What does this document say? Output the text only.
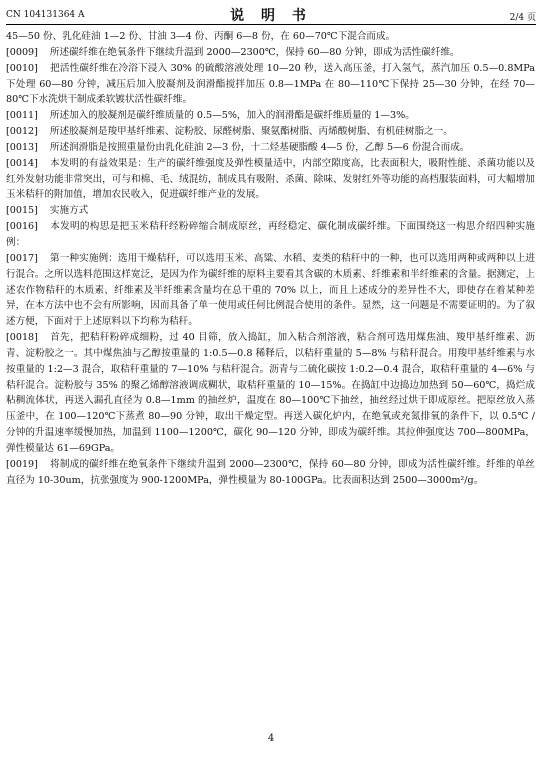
CN 104131364 A	说 明 书	2/4 页

45—50 份、乳化硅油 1—2 份、甘油 3—4 份、丙酮 6—8 份，在 60—70℃下混合而成。

[0009] 所述碳纤维在绝氧条件下继续升温到 2000—2300℃，保持 60—80 分钟，即成为活性碳纤维。

[0010] 把活性碳纤维在冷浴下浸入 30% 的硫酸溶液处理 10—20 秒，送入高压釜，打入氢气，蒸汽加压 0.5—0.8MPa 下处理 60—80 分钟，减压后加入胶凝剂及润滑酯搅拌加压 0.8—1MPa 在 80—110℃下保持 25—30 分钟，在经 70—80℃下水洗烘干制成柔软镀状活性碳纤维。

[0011] 所述加入的胶凝剂是碳纤维质量的 0.5—5%，加入的润滑酯是碳纤维质量的 1—3%。

[0012] 所述胶凝剂是羧甲基纤维素、淀粉胶、尿醛树脂、聚氨酯树脂、丙烯酸树脂、有机硅树脂之一。

[0013] 所述润滑脂是按照重量份由乳化硅油 2—3 份，十二烃基硬脂酸 4—5 份，乙醇 5—6 份混合而成。

[0014] 本发明的有益效果是：生产的碳纤维强度及弹性模量适中，内部空隙度高，比表面积大，吸附性能、杀菌功能以及红外发射功能非常突出，可与和棉、毛、绒混纺，制成具有吸附、杀菌、除味、发射红外等功能的高档服装面料，可大幅增加玉米秸秆的附加值，增加农民收入，促进碳纤维产业的发展。

[0015] 实施方式

[0016] 本发明的构思是把玉米秸秆经粉碎缩合制成原丝，再经稳定、碳化制成碳纤维。下面围绕这一构思介绍四种实施例：

[0017] 第一种实施例：选用干燥秸秆，可以选用玉米、高粱、水稻、麦类的秸秆中的一种，也可以选用两种或两种以上进行混合。之所以选料范围这样宽泛，是因为作为碳纤维的原料主要看其含碳的木质素、纤维素和半纤维素的含量。据测定，上述农作物秸秆的木质素、纤维素及半纤维素含量均在总干重的 70% 以上，而且上述成分的差异性不大，即使存在着某种差异，在本方法中也不会有所影响，因而具备了单一使用或任何比例混合使用的条件。显然，这一问题是不需要证明的。为了叙述方便，下面对于上述原料以下均称为秸秆。

[0018] 首先，把秸秆粉碎成细粉，过 40 目筛，放入捣缸，加入粘合剂溶液，粘合剂可选用煤焦油、羧甲基纤维素、沥青、淀粉胶之一。其中煤焦油与乙醇按重量的 1:0.5—0.8 稀释后，以秸秆重量的 5—8% 与秸秆混合。用羧甲基纤维素与水按重量的 1:2—3 混合，取秸秆重量的 7—10% 与秸秆混合。沥青与二硫化碳按 1:0.2—0.4 混合，取秸秆重量的 4—6% 与秸秆混合。淀粉胶与 35% 的聚乙烯醇溶液调成糊状，取秸秆重量的 10—15%。在捣缸中边捣边加热到 50—60℃，捣烂成粘稠流体状，再送入漏孔直径为 0.8—1mm 的抽丝炉，温度在 80—100℃下抽丝，抽丝经过烘干即成原丝。把原丝放入蒸压釜中，在 100—120℃下蒸煮 80—90 分钟，取出干燥定型。再送入碳化炉内，在绝氧或充氮排氧的条件下，以 0.5℃ / 分钟的升温速率缓慢加热，加温到 1100—1200℃，碳化 90—120 分钟，即成为碳纤维。其拉伸强度达 700—800MPa，弹性模量达 61—69GPa。

[0019] 将制成的碳纤维在绝氧条件下继续升温到 2000—2300℃，保持 60—80 分钟，即成为活性碳纤维。纤维的单丝直径为 10-30um，抗张强度为 900-1200MPa，弹性模量为 80-100GPa。比表面积达到 2500—3000m²/g。

4
